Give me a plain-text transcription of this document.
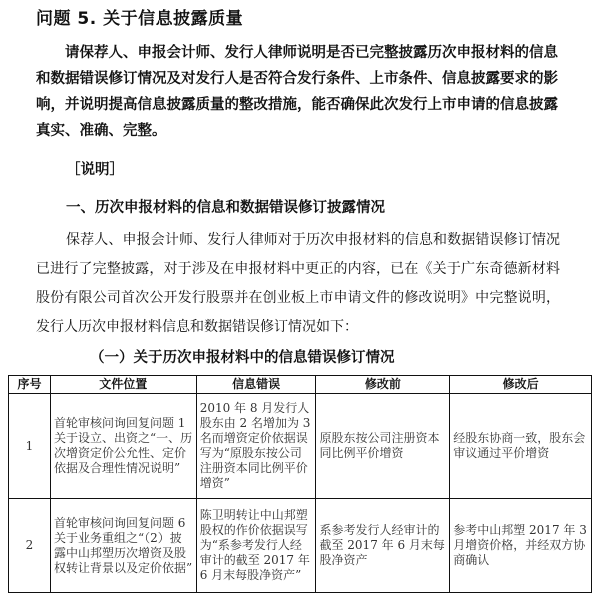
问题 5. 关于信息披露质量
请保荐人、申报会计师、发行人律师说明是否已完整披露历次申报材料的信息和数据错误修订情况及对发行人是否符合发行条件、上市条件、信息披露要求的影响，并说明提高信息披露质量的整改措施，能否确保此次发行上市申请的信息披露真实、准确、完整。
［说明］
一、历次申报材料的信息和数据错误修订披露情况
保荐人、申报会计师、发行人律师对于历次申报材料的信息和数据错误修订情况已进行了完整披露，对于涉及在申报材料中更正的内容，已在《关于广东奇德新材料股份有限公司首次公开发行股票并在创业板上市申请文件的修改说明》中完整说明，发行人历次申报材料信息和数据错误修订情况如下：
（一）关于历次申报材料中的信息错误修订情况
序号	文件位置	信息错误	修改前	修改后
1	首轮审核问询回复问题 1 关于设立、出资之“一、历次增资定价公允性、定价依据及合理性情况说明”	2010 年 8 月发行人股东由 2 名增加为 3 名而增资定价依据误写为“原股东按公司注册资本同比例平价增资”	原股东按公司注册资本同比例平价增资	经股东协商一致，股东会审议通过平价增资
2	首轮审核问询回复问题 6 关于业务重组之“（2）披露中山邦塑历次增资及股权转让背景以及定价依据”	陈卫明转让中山邦塑股权的作价依据误写为“系参考发行人经审计的截至 2017 年 6 月末每股净资产”	系参考发行人经审计的截至 2017 年 6 月末每股净资产	参考中山邦塑 2017 年 3 月增资价格，并经双方协商确认
